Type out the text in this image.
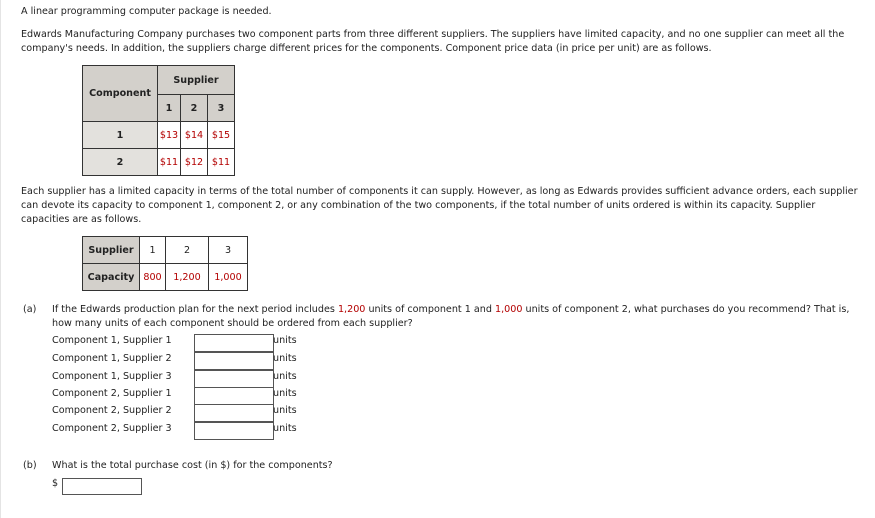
A linear programming computer package is needed.
Edwards Manufacturing Company purchases two component parts from three different suppliers. The suppliers have limited capacity, and no one supplier can meet all the company's needs. In addition, the suppliers charge different prices for the components. Component price data (in price per unit) are as follows.
Component	Supplier		
	1	2	3
1	$13	$14	$15
2	$11	$12	$11
Each supplier has a limited capacity in terms of the total number of components it can supply. However, as long as Edwards provides sufficient advance orders, each supplier can devote its capacity to component 1, component 2, or any combination of the two components, if the total number of units ordered is within its capacity. Supplier capacities are as follows.
Supplier	1	2	3
Capacity	800	1,200	1,000
(a) If the Edwards production plan for the next period includes 1,200 units of component 1 and 1,000 units of component 2, what purchases do you recommend? That is, how many units of each component should be ordered from each supplier?
Component 1, Supplier 1	units
Component 1, Supplier 2	units
Component 1, Supplier 3	units
Component 2, Supplier 1	units
Component 2, Supplier 2	units
Component 2, Supplier 3	units
(b) What is the total purchase cost (in $) for the components?
$
